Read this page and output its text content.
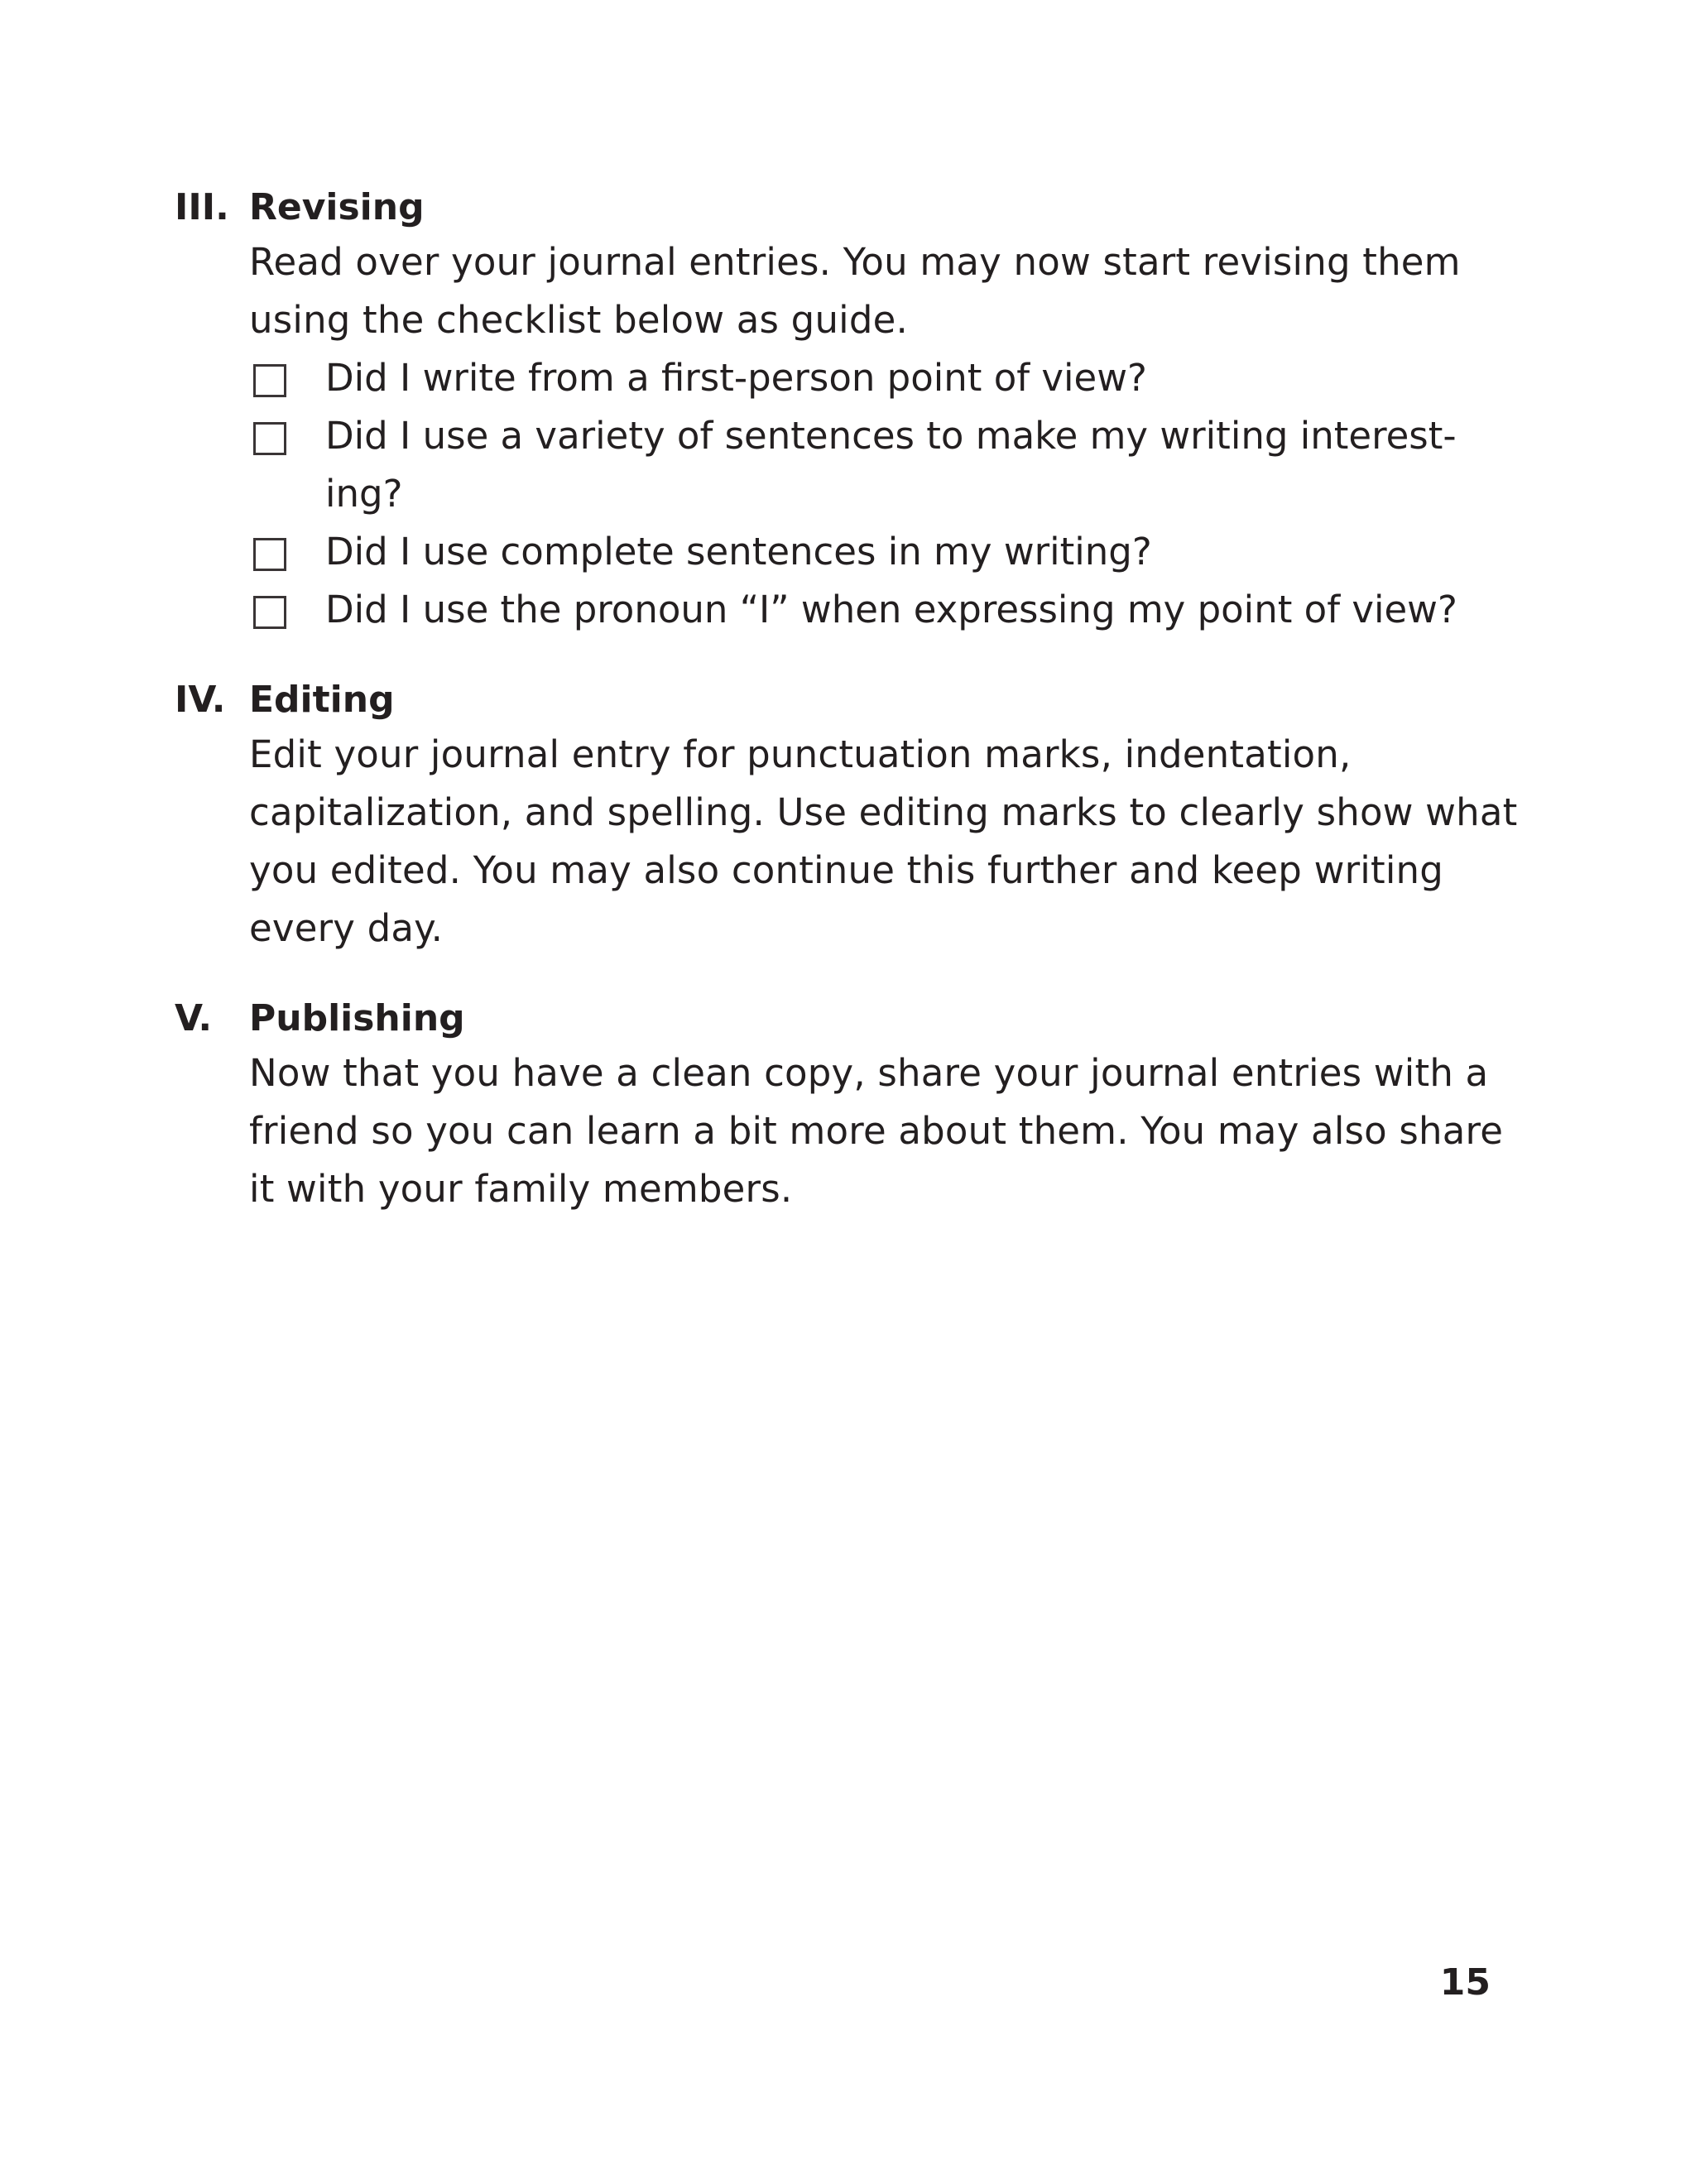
III. Revising
Read over your journal entries. You may now start revising them using the checklist below as guide.
Did I write from a first-person point of view?
Did I use a variety of sentences to make my writing interest-ing?
Did I use complete sentences in my writing?
Did I use the pronoun “I” when expressing my point of view?
IV. Editing
Edit your journal entry for punctuation marks, indentation, capitalization, and spelling. Use editing marks to clearly show what you edited. You may also continue this further and keep writing every day.
V. Publishing
Now that you have a clean copy, share your journal entries with a friend so you can learn a bit more about them. You may also share it with your family members.
15
